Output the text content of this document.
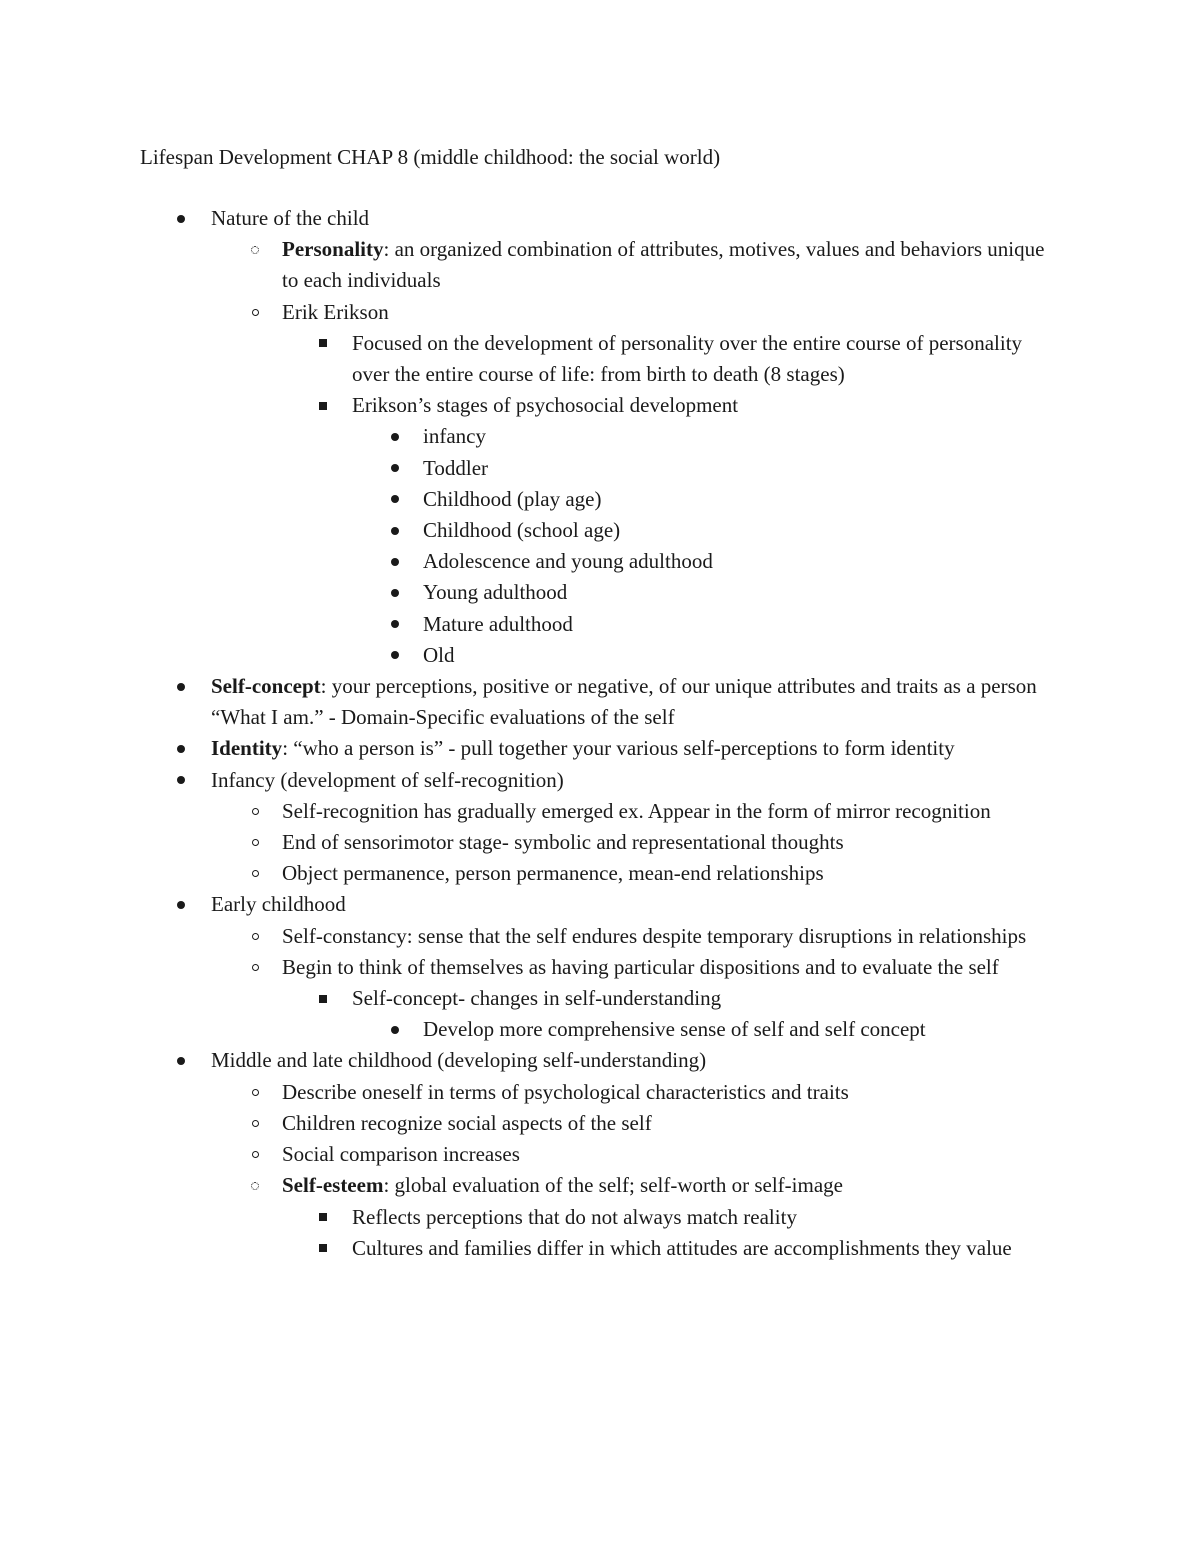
Lifespan Development CHAP 8 (middle childhood: the social world)
Nature of the child
Personality: an organized combination of attributes, motives, values and behaviors unique to each individuals
Erik Erikson
Focused on the development of personality over the entire course of personality over the entire course of life: from birth to death (8 stages)
Erikson’s stages of psychosocial development
infancy
Toddler
Childhood (play age)
Childhood (school age)
Adolescence and young adulthood
Young adulthood
Mature adulthood
Old
Self-concept: your perceptions, positive or negative, of our unique attributes and traits as a person “What I am.” - Domain-Specific evaluations of the self
Identity: “who a person is” - pull together your various self-perceptions to form identity
Infancy (development of self-recognition)
Self-recognition has gradually emerged ex. Appear in the form of mirror recognition
End of sensorimotor stage- symbolic and representational thoughts
Object permanence, person permanence, mean-end relationships
Early childhood
Self-constancy: sense that the self endures despite temporary disruptions in relationships
Begin to think of themselves as having particular dispositions and to evaluate the self
Self-concept- changes in self-understanding
Develop more comprehensive sense of self and self concept
Middle and late childhood (developing self-understanding)
Describe oneself in terms of psychological characteristics and traits
Children recognize social aspects of the self
Social comparison increases
Self-esteem: global evaluation of the self; self-worth or self-image
Reflects perceptions that do not always match reality
Cultures and families differ in which attitudes are accomplishments they value
